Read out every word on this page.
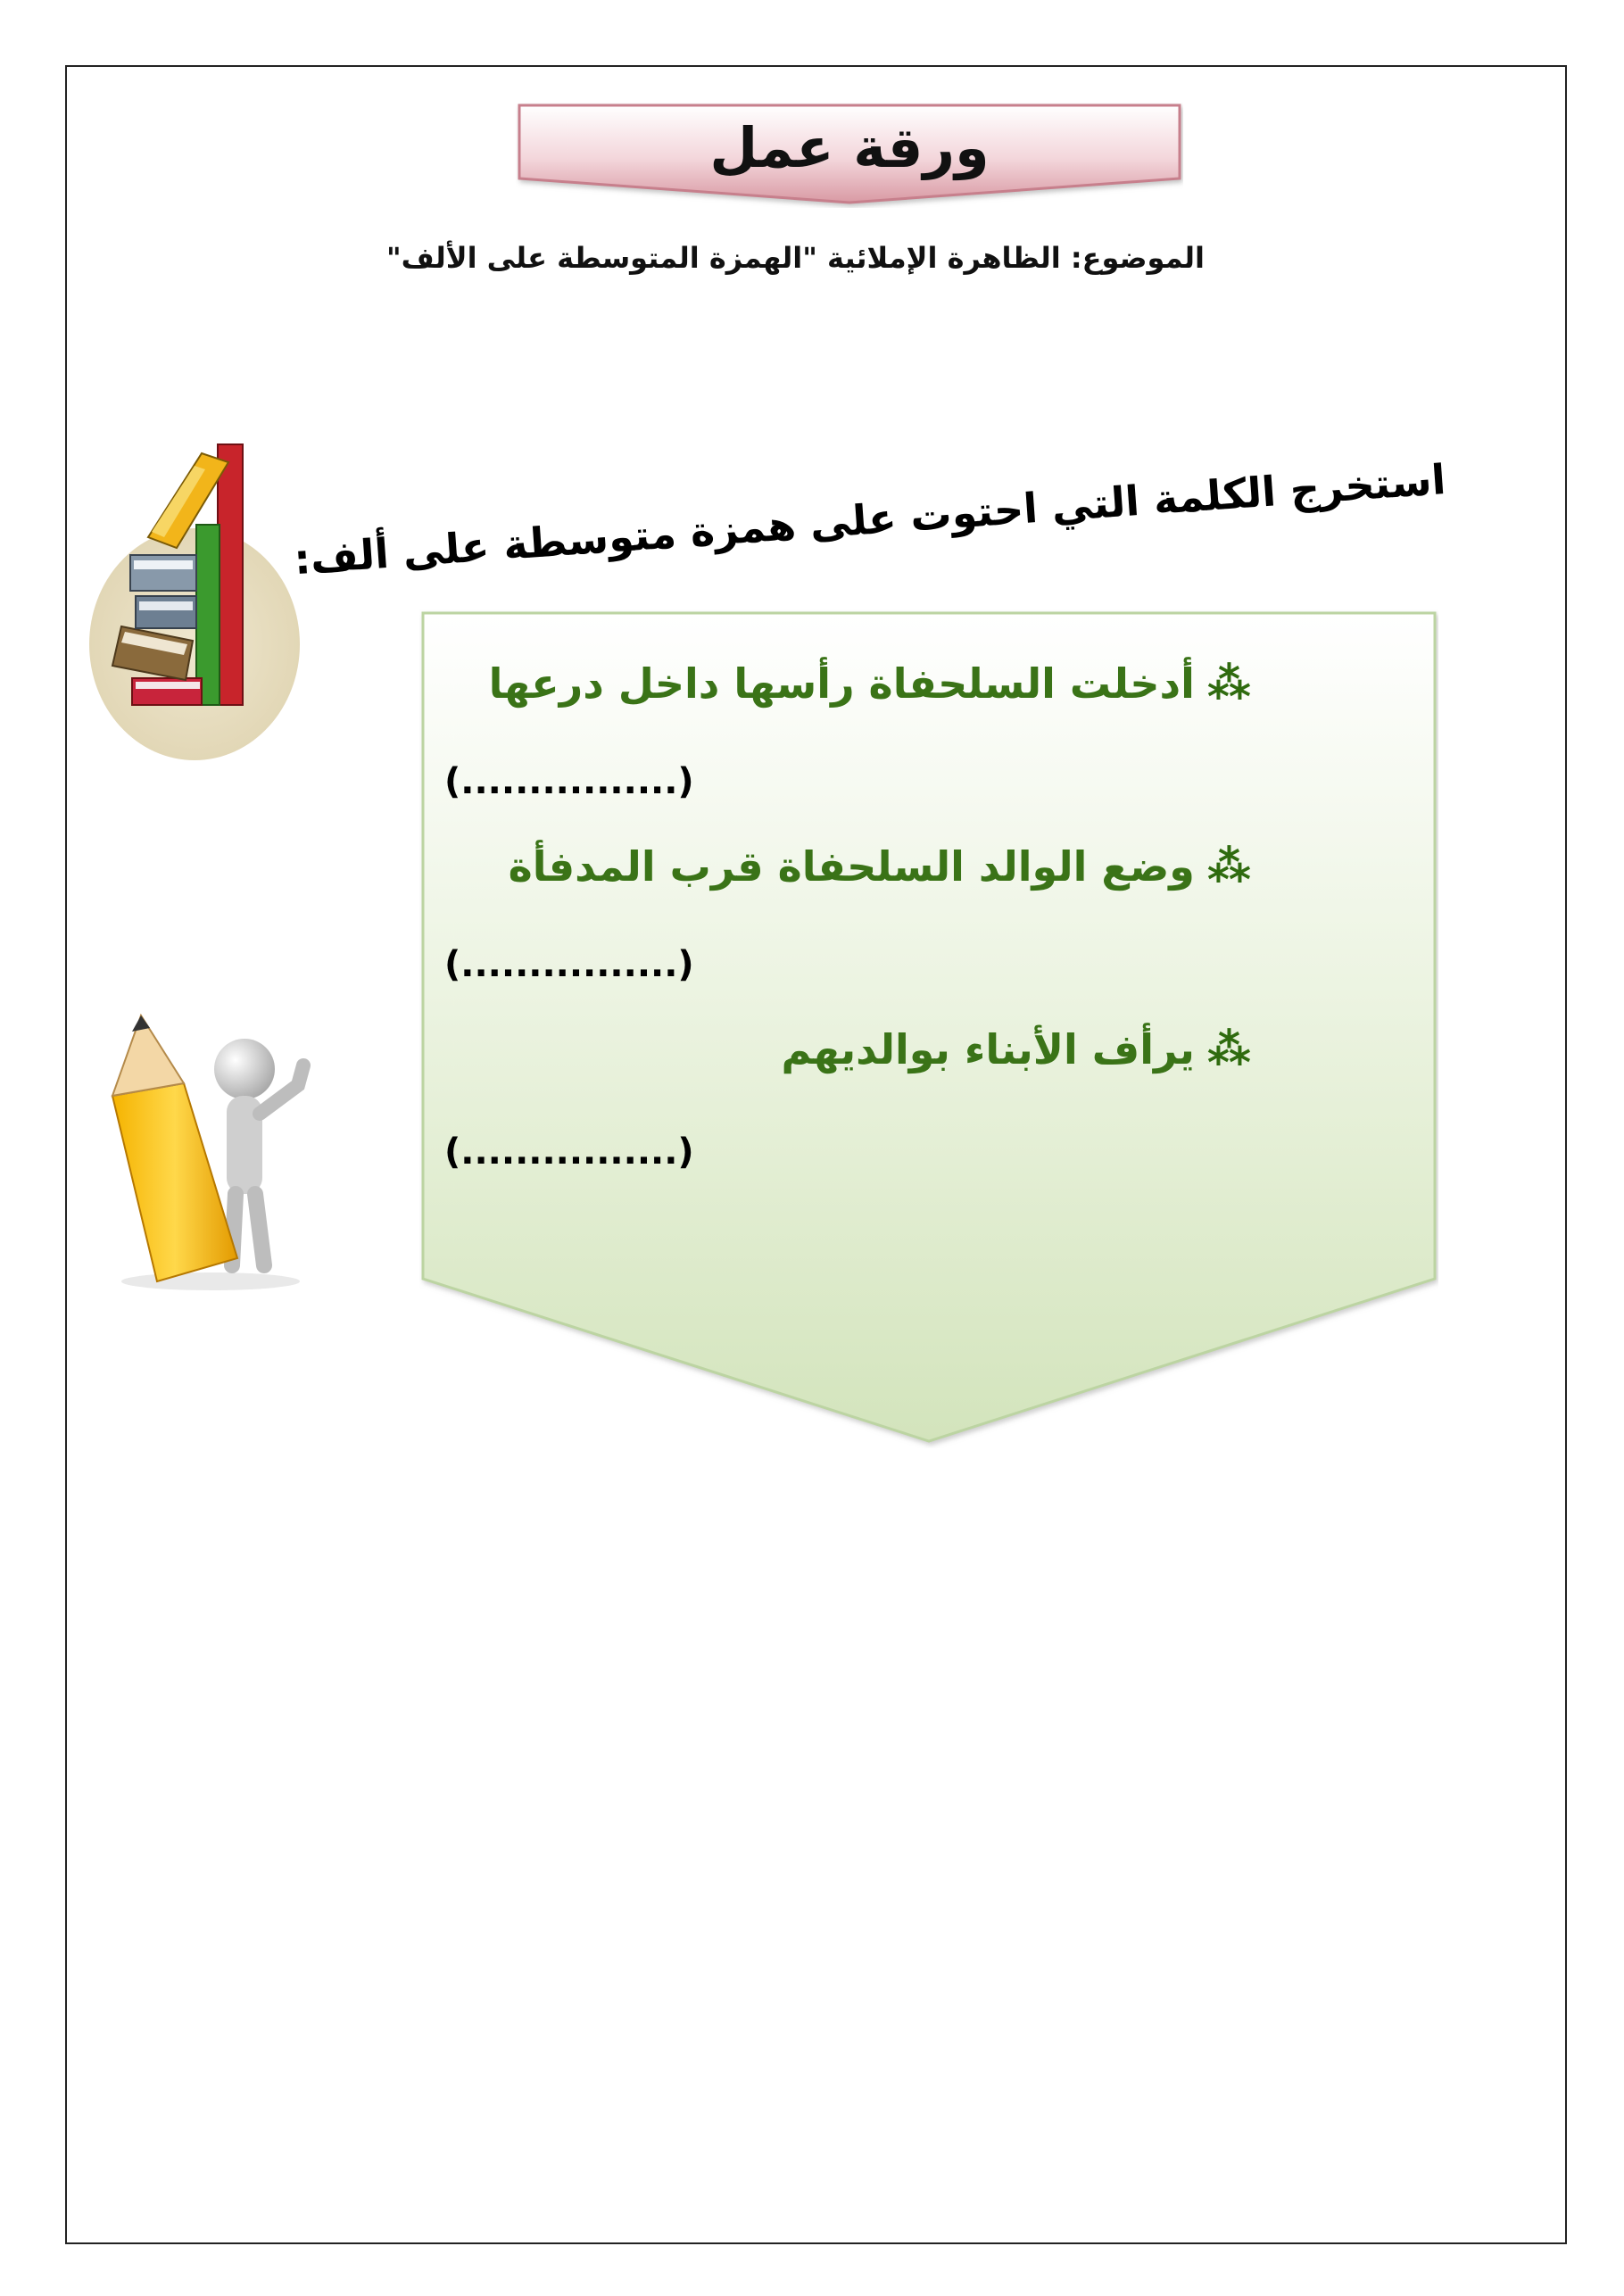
ورقة عمل
الموضوع: الظاهرة الإملائية "الهمزة المتوسطة على الألف"
استخرج الكلمة التي احتوت على همزة متوسطة على ألف:
⁂أدخلت السلحفاة رأسها داخل درعها
(................)
⁂وضع الوالد السلحفاة قرب المدفأة
(................)
⁂يرأف الأبناء بوالديهم
(................)
